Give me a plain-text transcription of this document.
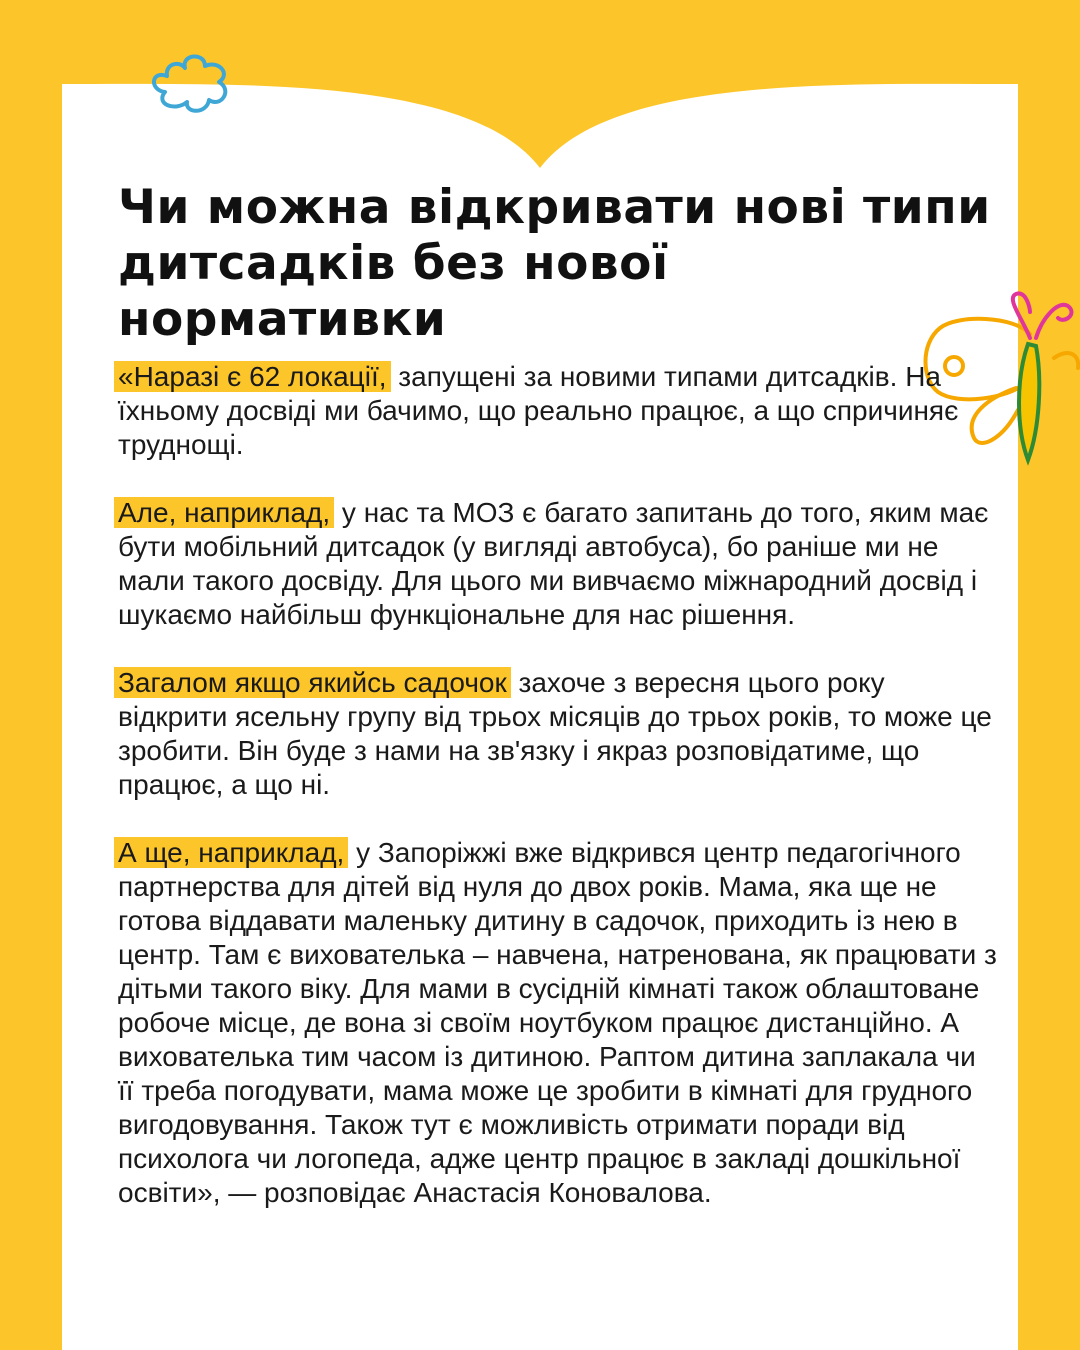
Чи можна відкривати нові типи дитсадків без нової нормативки

«Наразі є 62 локації, запущені за новими типами дитсадків. На їхньому досвіді ми бачимо, що реально працює, а що спричиняє труднощі.

Але, наприклад, у нас та МОЗ є багато запитань до того, яким має бути мобільний дитсадок (у вигляді автобуса), бо раніше ми не мали такого досвіду. Для цього ми вивчаємо міжнародний досвід і шукаємо найбільш функціональне для нас рішення.

Загалом якщо якийсь садочок захоче з вересня цього року відкрити ясельну групу від трьох місяців до трьох років, то може це зробити. Він буде з нами на зв'язку і якраз розповідатиме, що працює, а що ні.

А ще, наприклад, у Запоріжжі вже відкрився центр педагогічного партнерства для дітей від нуля до двох років. Мама, яка ще не готова віддавати маленьку дитину в садочок, приходить із нею в центр. Там є вихователька – навчена, натренована, як працювати з дітьми такого віку. Для мами в сусідній кімнаті також облаштоване робоче місце, де вона зі своїм ноутбуком працює дистанційно. А вихователька тим часом із дитиною. Раптом дитина заплакала чи її треба погодувати, мама може це зробити в кімнаті для грудного вигодовування. Також тут є можливість отримати поради від психолога чи логопеда, адже центр працює в закладі дошкільної освіти», — розповідає Анастасія Коновалова.
